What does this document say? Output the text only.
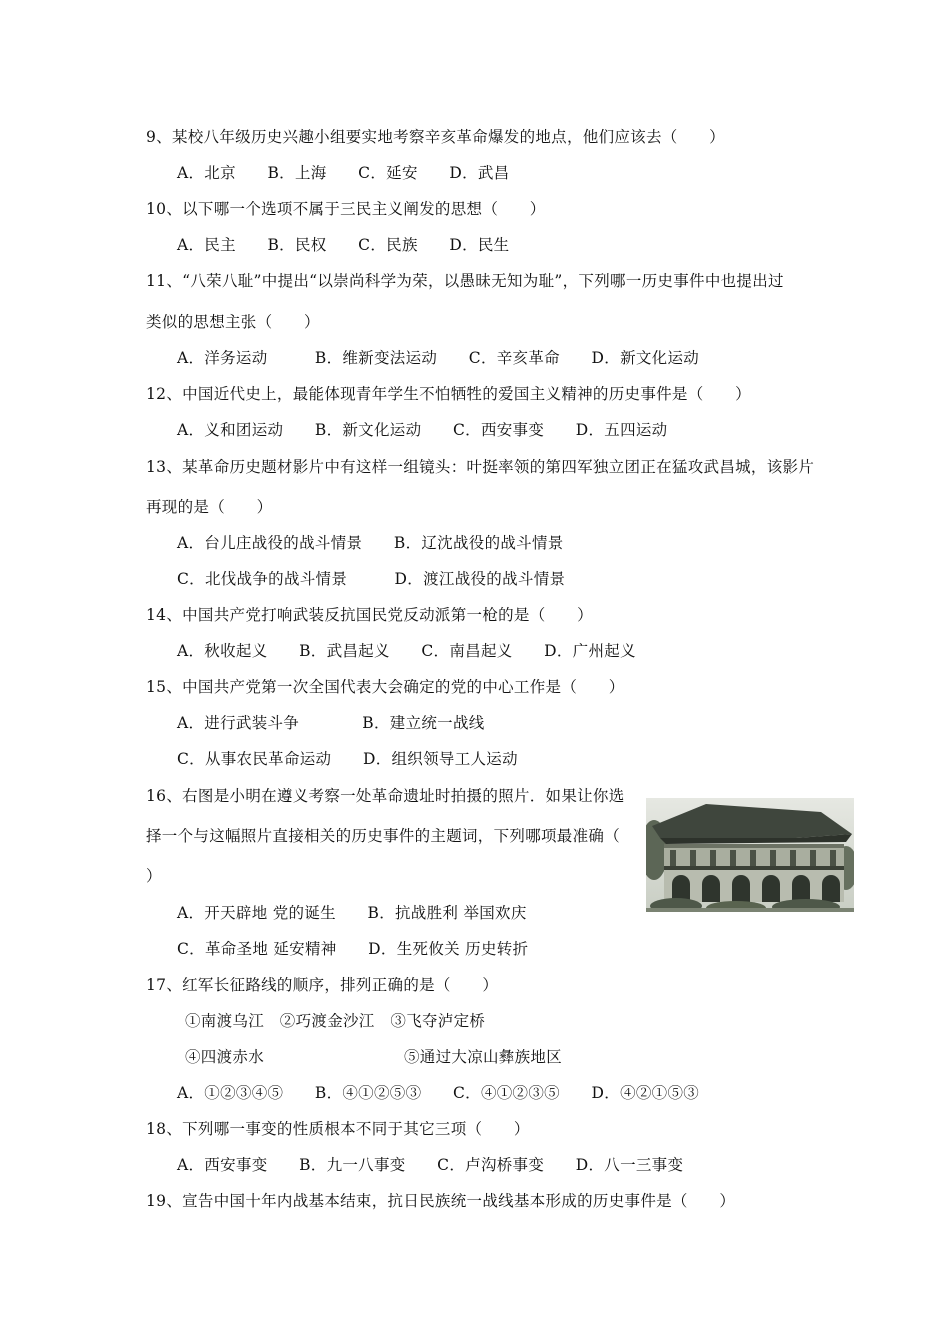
9、某校八年级历史兴趣小组要实地考察辛亥革命爆发的地点，他们应该去（　　）
A．北京　　B．上海　　C．延安　　D．武昌
10、以下哪一个选项不属于三民主义阐发的思想（　　）
A．民主　　B．民权　　C．民族　　D．民生
11、“八荣八耻”中提出“以崇尚科学为荣，以愚昧无知为耻”，下列哪一历史事件中也提出过
类似的思想主张（　　）
A．洋务运动　　　B．维新变法运动　　C．辛亥革命　　D．新文化运动
12、中国近代史上，最能体现青年学生不怕牺牲的爱国主义精神的历史事件是（　　）
A．义和团运动　　B．新文化运动　　C．西安事变　　D．五四运动
13、某革命历史题材影片中有这样一组镜头：叶挺率领的第四军独立团正在猛攻武昌城，该影片
再现的是（　　）
A．台儿庄战役的战斗情景　　B．辽沈战役的战斗情景
C．北伐战争的战斗情景　　　D．渡江战役的战斗情景
14、中国共产党打响武装反抗国民党反动派第一枪的是（　　）
A．秋收起义　　B．武昌起义　　C．南昌起义　　D．广州起义
15、中国共产党第一次全国代表大会确定的党的中心工作是（　　）
A．进行武装斗争　　　　B．建立统一战线
C．从事农民革命运动　　D．组织领导工人运动
16、右图是小明在遵义考察一处革命遗址时拍摄的照片．如果让你选
择一个与这幅照片直接相关的历史事件的主题词，下列哪项最准确（
）
A．开天辟地 党的诞生　　B．抗战胜利 举国欢庆
C．革命圣地 延安精神　　D．生死攸关 历史转折
17、红军长征路线的顺序，排列正确的是（　　）
①南渡乌江　②巧渡金沙江　③飞夺泸定桥
④四渡赤水	⑤通过大凉山彝族地区
A．①②③④⑤　　B．④①②⑤③　　C．④①②③⑤　　D．④②①⑤③
18、下列哪一事变的性质根本不同于其它三项（　　）
A．西安事变　　B．九一八事变　　C．卢沟桥事变　　D．八一三事变
19、宣告中国十年内战基本结束，抗日民族统一战线基本形成的历史事件是（　　）
